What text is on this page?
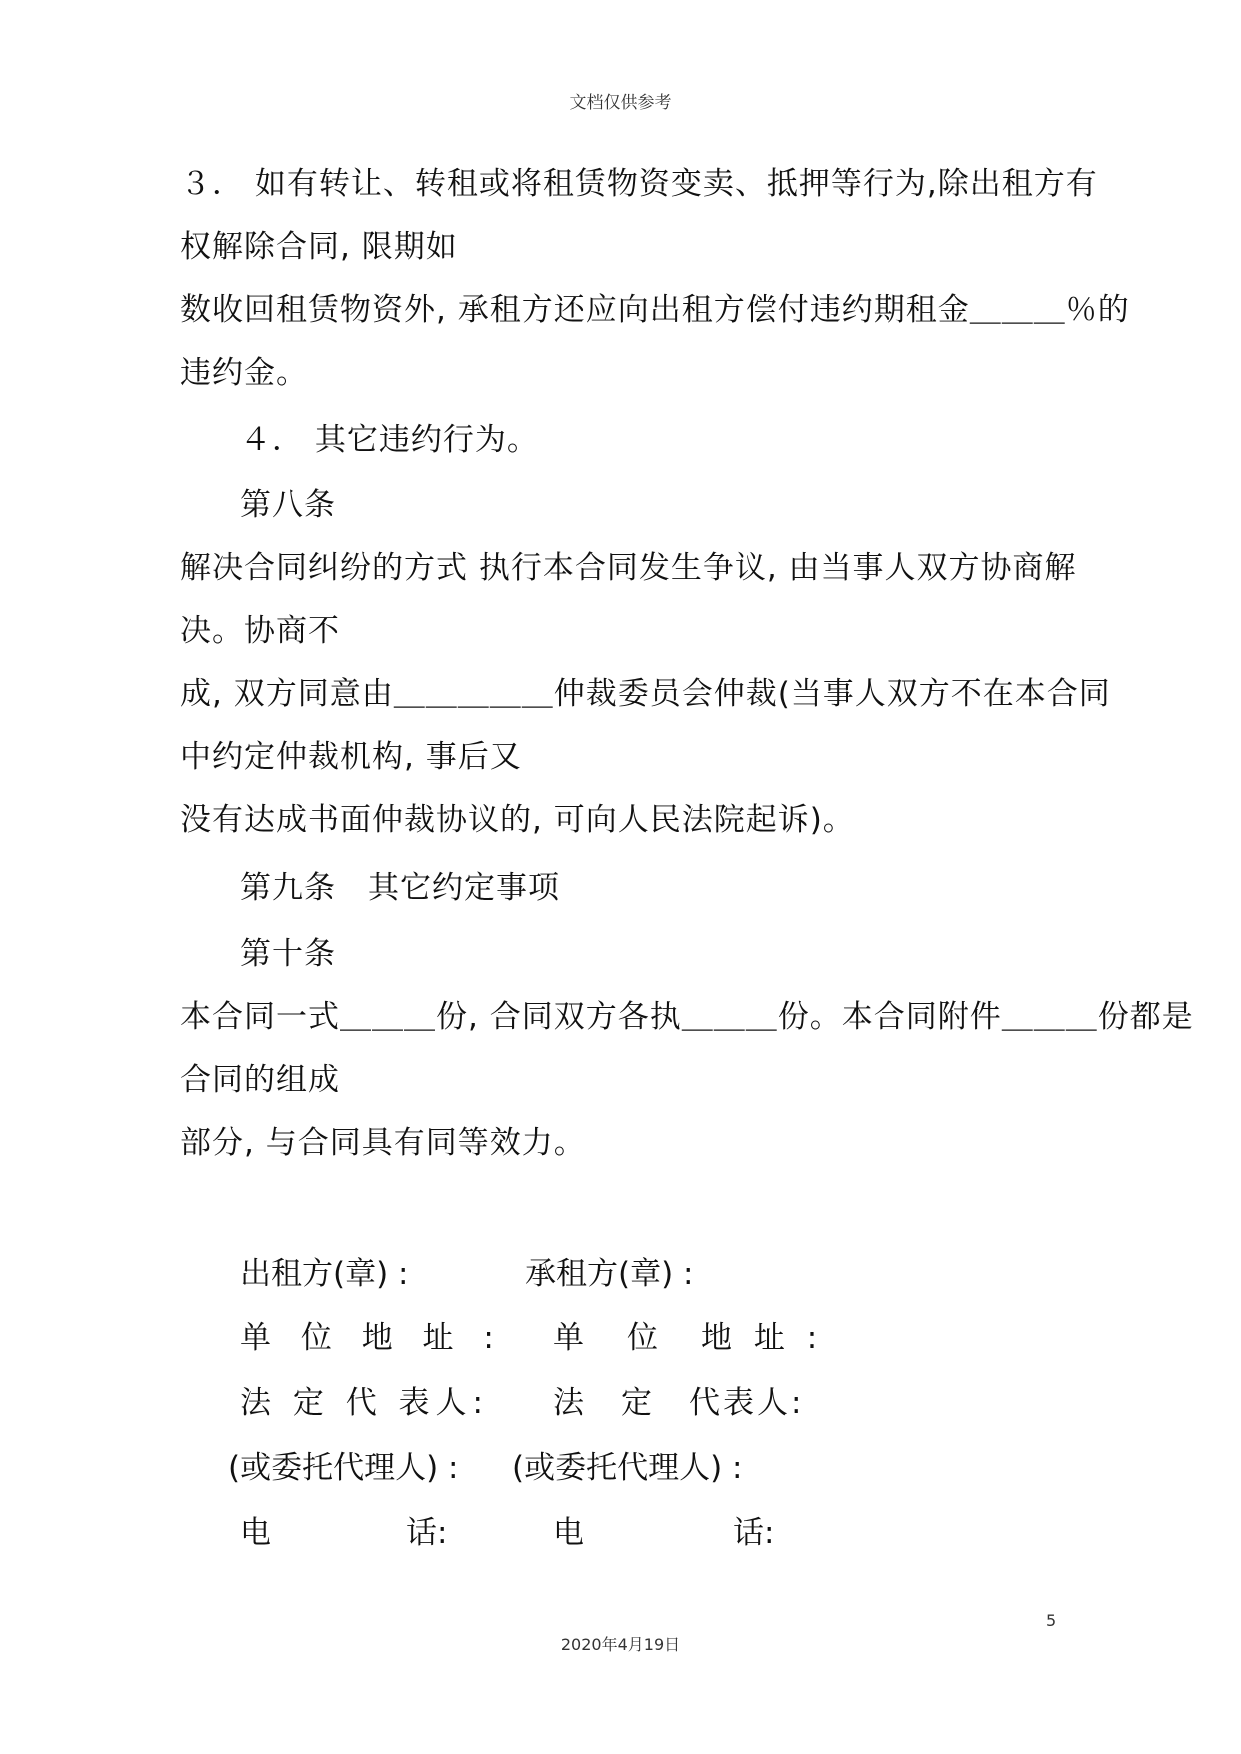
文档仅供参考
３． 如有转让、转租或将租赁物资变卖、抵押等行为,除出租方有
权解除合同, 限期如
数收回租赁物资外, 承租方还应向出租方偿付违约期租金＿＿＿％的
违约金。
４． 其它违约行为。
第八条
解决合同纠纷的方式 执行本合同发生争议, 由当事人双方协商解
决。协商不
成, 双方同意由＿＿＿＿＿仲裁委员会仲裁(当事人双方不在本合同
中约定仲裁机构, 事后又
没有达成书面仲裁协议的, 可向人民法院起诉)。
第九条　其它约定事项
第十条
本合同一式＿＿＿份, 合同双方各执＿＿＿份。本合同附件＿＿＿份都是
合同的组成
部分, 与合同具有同等效力。
出租方(章) :	承租方(章) :
单 位 地 址 : 单　位　地 址 :
法 定 代 表人: 法　定　代表人:
(或委托代理人) : (或委托代理人) :
电	话:	电	话:
5
2020年4月19日
